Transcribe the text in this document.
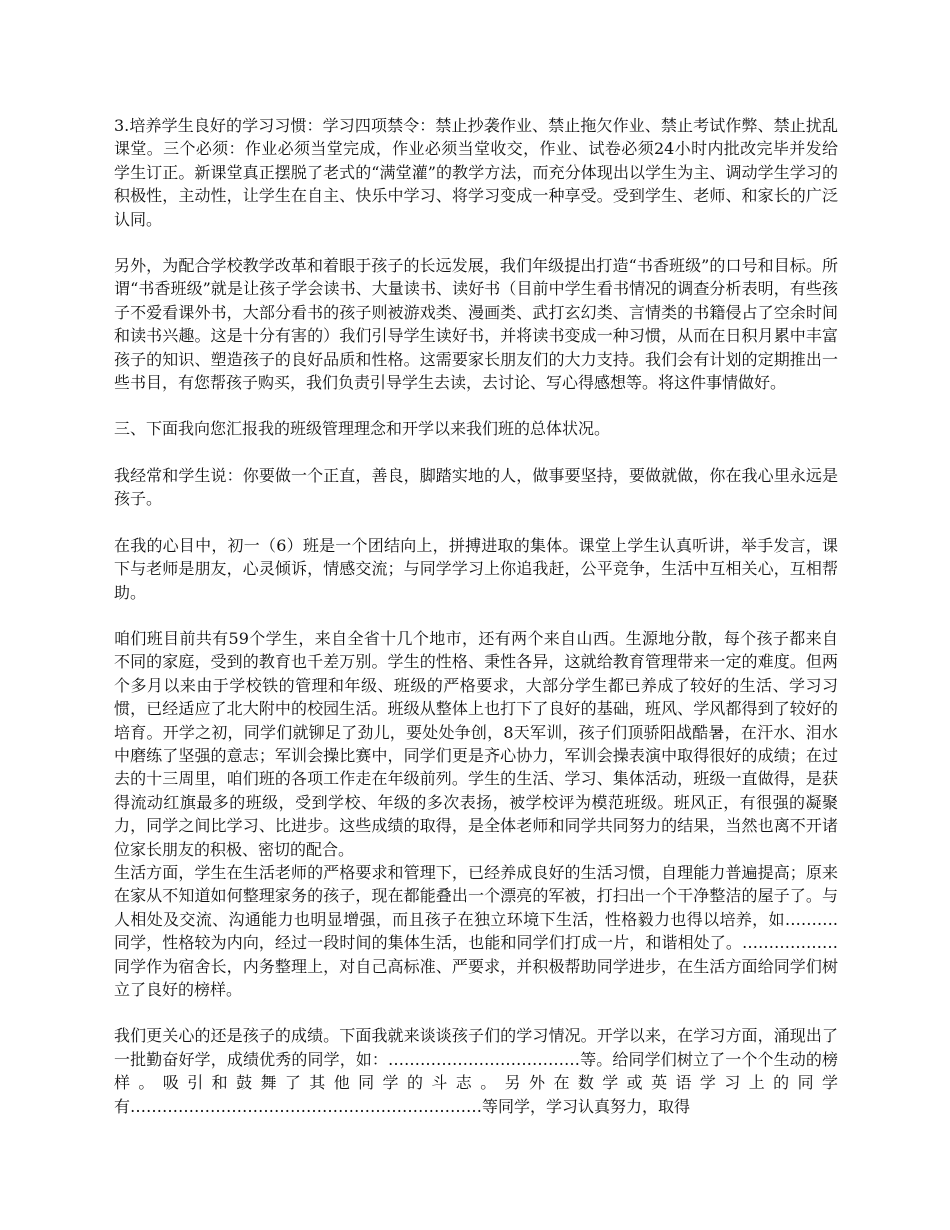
3.培养学生良好的学习习惯：学习四项禁令：禁止抄袭作业、禁止拖欠作业、禁止考试作弊、禁止扰乱课堂。三个必须：作业必须当堂完成，作业必须当堂收交，作业、试卷必须24小时内批改完毕并发给学生订正。新课堂真正摆脱了老式的“满堂灌”的教学方法，而充分体现出以学生为主、调动学生学习的积极性，主动性，让学生在自主、快乐中学习、将学习变成一种享受。受到学生、老师、和家长的广泛认同。

另外，为配合学校教学改革和着眼于孩子的长远发展，我们年级提出打造“书香班级”的口号和目标。所谓“书香班级”就是让孩子学会读书、大量读书、读好书（目前中学生看书情况的调查分析表明，有些孩子不爱看课外书，大部分看书的孩子则被游戏类、漫画类、武打玄幻类、言情类的书籍侵占了空余时间和读书兴趣。这是十分有害的）我们引导学生读好书，并将读书变成一种习惯，从而在日积月累中丰富孩子的知识、塑造孩子的良好品质和性格。这需要家长朋友们的大力支持。我们会有计划的定期推出一些书目，有您帮孩子购买，我们负责引导学生去读，去讨论、写心得感想等。将这件事情做好。

三、下面我向您汇报我的班级管理理念和开学以来我们班的总体状况。

我经常和学生说：你要做一个正直，善良，脚踏实地的人，做事要坚持，要做就做，你在我心里永远是孩子。

在我的心目中，初一（6）班是一个团结向上，拼搏进取的集体。课堂上学生认真听讲，举手发言，课下与老师是朋友，心灵倾诉，情感交流；与同学学习上你追我赶，公平竞争，生活中互相关心，互相帮助。

咱们班目前共有59个学生，来自全省十几个地市，还有两个来自山西。生源地分散，每个孩子都来自不同的家庭，受到的教育也千差万别。学生的性格、秉性各异，这就给教育管理带来一定的难度。但两个多月以来由于学校铁的管理和年级、班级的严格要求，大部分学生都已养成了较好的生活、学习习惯，已经适应了北大附中的校园生活。班级从整体上也打下了良好的基础，班风、学风都得到了较好的培育。开学之初，同学们就铆足了劲儿，要处处争创，8天军训，孩子们顶骄阳战酷暑，在汗水、泪水中磨练了坚强的意志；军训会操比赛中，同学们更是齐心协力，军训会操表演中取得很好的成绩；在过去的十三周里，咱们班的各项工作走在年级前列。学生的生活、学习、集体活动，班级一直做得，是获得流动红旗最多的班级，受到学校、年级的多次表扬，被学校评为模范班级。班风正，有很强的凝聚力，同学之间比学习、比进步。这些成绩的取得，是全体老师和同学共同努力的结果，当然也离不开诸位家长朋友的积极、密切的配合。

生活方面，学生在生活老师的严格要求和管理下，已经养成良好的生活习惯，自理能力普遍提高；原来在家从不知道如何整理家务的孩子，现在都能叠出一个漂亮的军被，打扫出一个干净整洁的屋子了。与人相处及交流、沟通能力也明显增强，而且孩子在独立环境下生活，性格毅力也得以培养，如……….同学，性格较为内向，经过一段时间的集体生活，也能和同学们打成一片，和谐相处了。………………同学作为宿舍长，内务整理上，对自己高标准、严要求，并积极帮助同学进步，在生活方面给同学们树立了良好的榜样。

我们更关心的还是孩子的成绩。下面我就来谈谈孩子们的学习情况。开学以来，在学习方面，涌现出了一批勤奋好学，成绩优秀的同学，如：………………………………等。给同学们树立了一个个生动的榜样。吸引和鼓舞了其他同学的斗志。另外在数学或英语学习上的同学有…………………………………………………………等同学，学习认真努力，取得
